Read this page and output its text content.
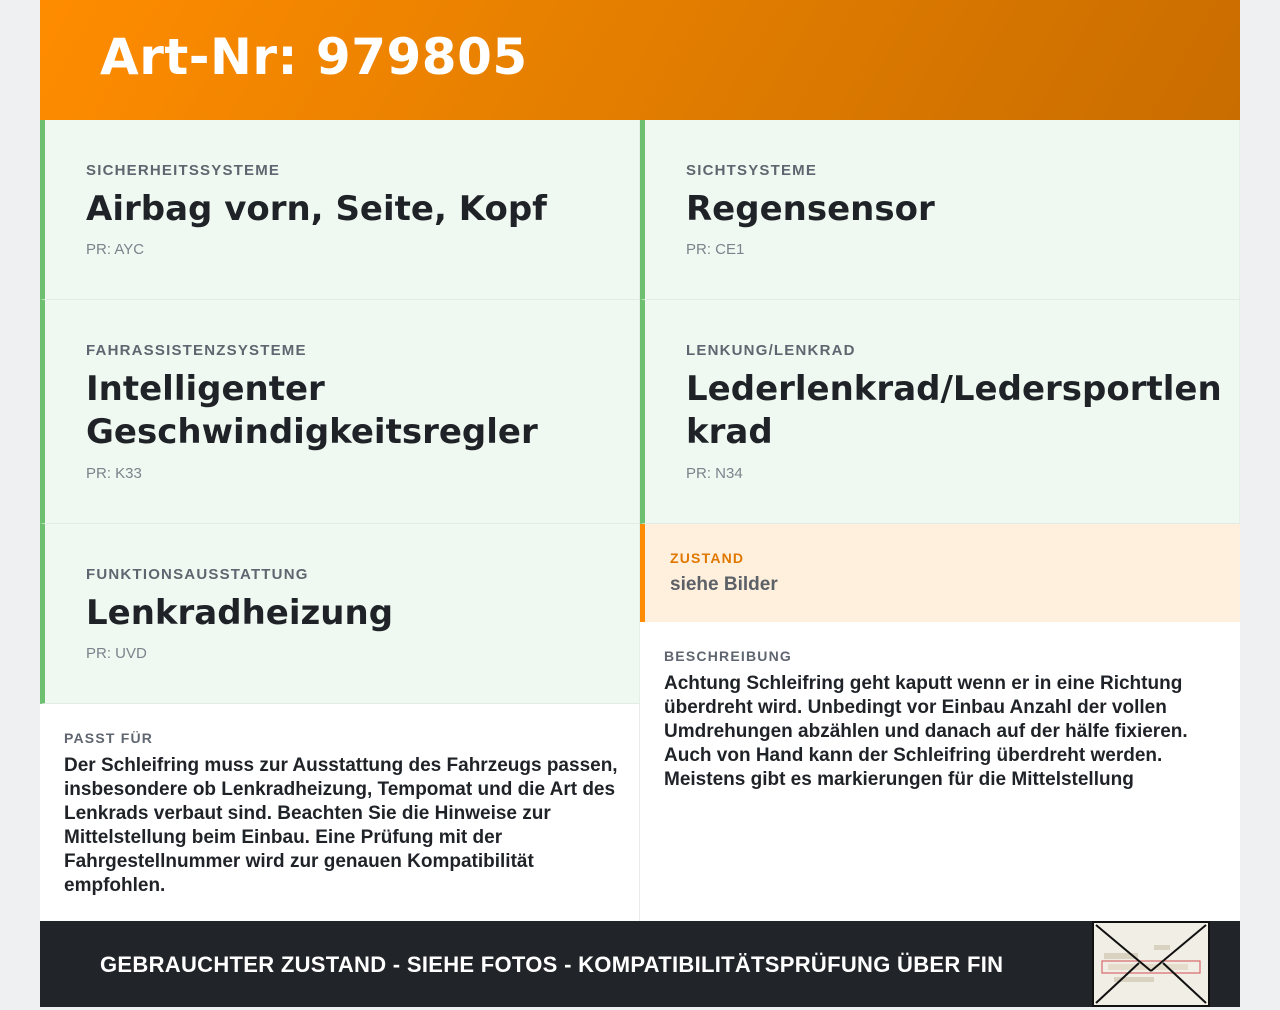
Art-Nr: 979805
SICHERHEITSSYSTEME
Airbag vorn, Seite, Kopf
PR: AYC
FAHRASSISTENZSYSTEME
Intelligenter Geschwindigkeitsregler
PR: K33
FUNKTIONSAUSSTATTUNG
Lenkradheizung
PR: UVD
PASST FÜR
Der Schleifring muss zur Ausstattung des Fahrzeugs passen, insbesondere ob Lenkradheizung, Tempomat und die Art des Lenkrads verbaut sind. Beachten Sie die Hinweise zur Mittelstellung beim Einbau. Eine Prüfung mit der Fahrgestellnummer wird zur genauen Kompatibilität empfohlen.
SICHTSYSTEME
Regensensor
PR: CE1
LENKUNG/LENKRAD
Lederlenkrad/Ledersportlenkrad
PR: N34
ZUSTAND
siehe Bilder
BESCHREIBUNG
Achtung Schleifring geht kaputt wenn er in eine Richtung überdreht wird. Unbedingt vor Einbau Anzahl der vollen Umdrehungen abzählen und danach auf der hälfe fixieren. Auch von Hand kann der Schleifring überdreht werden. Meistens gibt es markierungen für die Mittelstellung
GEBRAUCHTER ZUSTAND - SIEHE FOTOS - KOMPATIBILITÄTSPRÜFUNG ÜBER FIN
